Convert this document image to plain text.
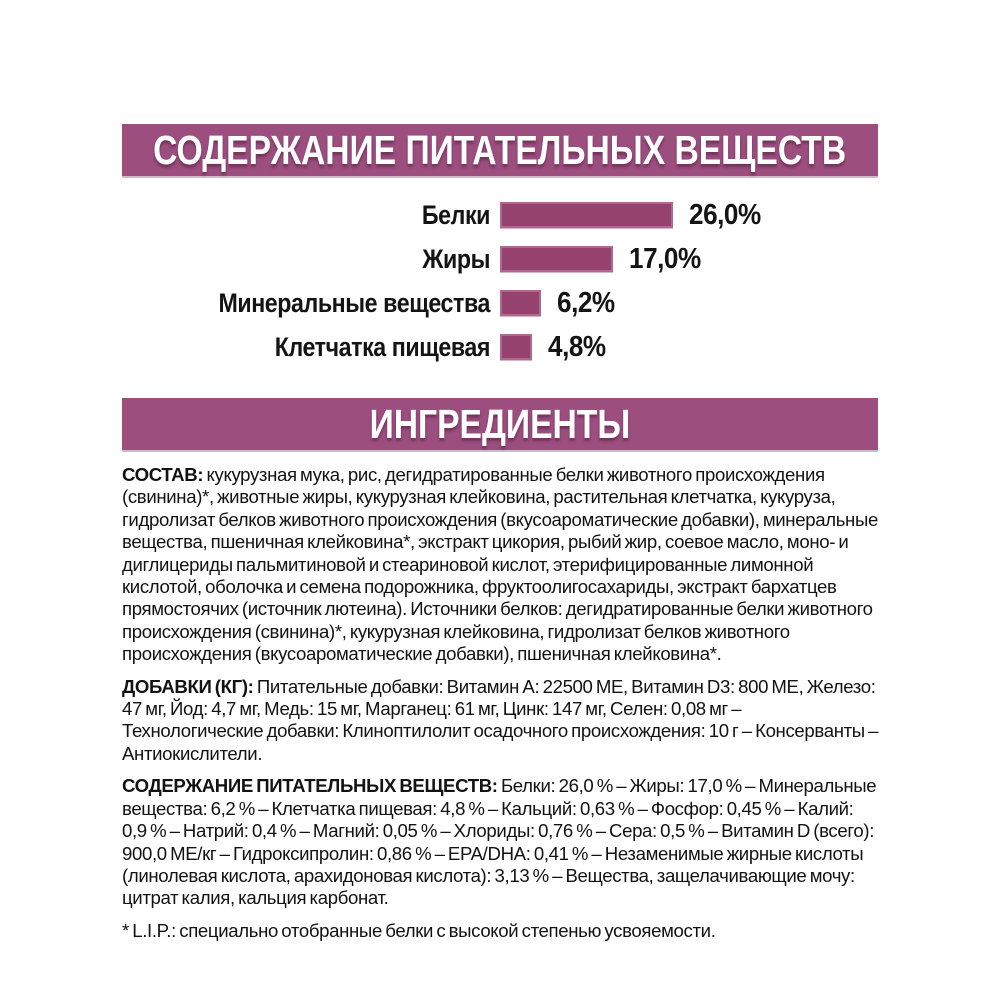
СОДЕРЖАНИЕ ПИТАТЕЛЬНЫХ ВЕЩЕСТВ
Белки	26,0%
Жиры	17,0%
Минеральные вещества 6,2%
Клетчатка пищевая 4,8%
ИНГРЕДИЕНТЫ

СОСТАВ: кукурузная мука, рис, дегидратированные белки животного происхождения (свинина)*, животные жиры, кукурузная клейковина, растительная клетчатка, кукуруза, гидролизат белков животного происхождения (вкусоароматические добавки), минеральные вещества, пшеничная клейковина*, экстракт цикория, рыбий жир, соевое масло, моно- и диглицериды пальмитиновой и стеариновой кислот, этерифицированные лимонной кислотой, оболочка и семена подорожника, фруктоолигосахариды, экстракт бархатцев прямостоячих (источник лютеина). Источники белков: дегидратированные белки животного происхождения (свинина)*, кукурузная клейковина, гидролизат белков животного происхождения (вкусоароматические добавки), пшеничная клейковина*.

ДОБАВКИ (КГ): Питательные добавки: Витамин A: 22500 МЕ, Витамин D3: 800 МЕ, Железо: 47 мг, Йод: 4,7 мг, Медь: 15 мг, Марганец: 61 мг, Цинк: 147 мг, Селен: 0,08 мг – Технологические добавки: Клиноптилолит осадочного происхождения: 10 г – Консерванты – Антиокислители.

СОДЕРЖАНИЕ ПИТАТЕЛЬНЫХ ВЕЩЕСТВ: Белки: 26,0 % – Жиры: 17,0 % – Минеральные вещества: 6,2 % – Клетчатка пищевая: 4,8 % – Кальций: 0,63 % – Фосфор: 0,45 % – Калий: 0,9 % – Натрий: 0,4 % – Магний: 0,05 % – Хлориды: 0,76 % – Сера: 0,5 % – Витамин D (всего): 900,0 МЕ/кг – Гидроксипролин: 0,86 % – EPA/DHA: 0,41 % – Незаменимые жирные кислоты (линолевая кислота, арахидоновая кислота): 3,13 % – Вещества, защелачивающие мочу: цитрат калия, кальция карбонат.

* L.I.P.: специально отобранные белки с высокой степенью усвояемости.
